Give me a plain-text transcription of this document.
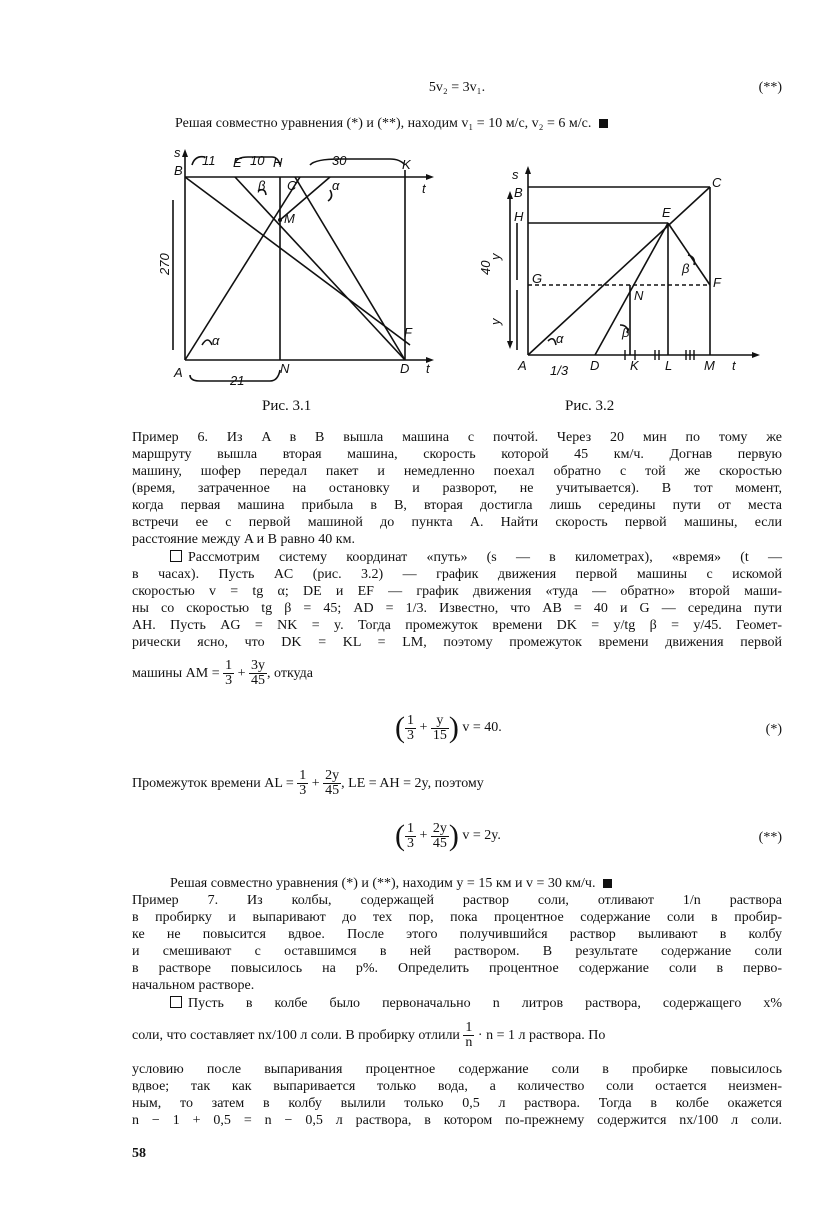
5v₂ = 3v₁.	(**)
Решая совместно уравнения (*) и (**), находим v₁ = 10 м/с, v₂ = 6 м/с.
s
B
11 E 10 H	30	K
t
β C	α
M
A	N	D t
F
α
21
270
Рис. 3.1
s
B
C
H	E
G	F
N
β
β
α
A 1/3 D K L M t
40
y
y
Рис. 3.2
Пример 6. Из A в B вышла машина с почтой. Через 20 мин по тому же
маршруту вышла вторая машина, скорость которой 45 км/ч. Догнав первую
машину, шофер передал пакет и немедленно поехал обратно с той же скоростью
(время, затраченное на остановку и разворот, не учитывается). В тот момент,
когда первая машина прибыла в B, вторая достигла лишь середины пути от места
встречи ее с первой машиной до пункта A. Найти скорость первой машины, если
расстояние между A и B равно 40 км.
Рассмотрим систему координат «путь» (s — в километрах), «время» (t —
в часах). Пусть AC (рис. 3.2) — график движения первой машины с искомой
скоростью v = tg α; DE и EF — график движения «туда — обратно» второй маши-
ны со скоростью tg β = 45; AD = 1/3. Известно, что AB = 40 и G — середина пути
AH. Пусть AG = NK = y. Тогда промежуток времени DK = y/tg β = y/45. Геомет-
рически ясно, что DK = KL = LM, поэтому промежуток времени движения первой
машины AM = $\frac{1}{3} + \frac{3y}{45}$ , откуда
( $\frac{1}{3} + \frac{y}{15}$ ) v = 40.	(*)
Промежуток времени AL = $\frac{1}{3} + \frac{2y}{45}$ , LE = AH = 2y, поэтому
( $\frac{1}{3} + \frac{2y}{45}$ ) v = 2y.	(**)
Решая совместно уравнения (*) и (**), находим y = 15 км и v = 30 км/ч.
Пример 7. Из колбы, содержащей раствор соли, отливают 1/n раствора
в пробирку и выпаривают до тех пор, пока процентное содержание соли в пробир-
ке не повысится вдвое. После этого получившийся раствор выливают в колбу
и смешивают с оставшимся в ней раствором. В результате содержание соли
в растворе повысилось на p%. Определить процентное содержание соли в перво-
начальном растворе.
Пусть в колбе было первоначально n литров раствора, содержащего x%
соли, что составляет nx/100 л соли. В пробирку отлили $\frac{1}{n} \cdot n = 1$ л раствора. По
условию после выпаривания процентное содержание соли в пробирке повысилось
вдвое; так как выпаривается только вода, а количество соли остается неизмен-
ным, то затем в колбу вылили только 0,5 л раствора. Тогда в колбе окажется
n − 1 + 0,5 = n − 0,5 л раствора, в котором по-прежнему содержится nx/100 л соли.
58
